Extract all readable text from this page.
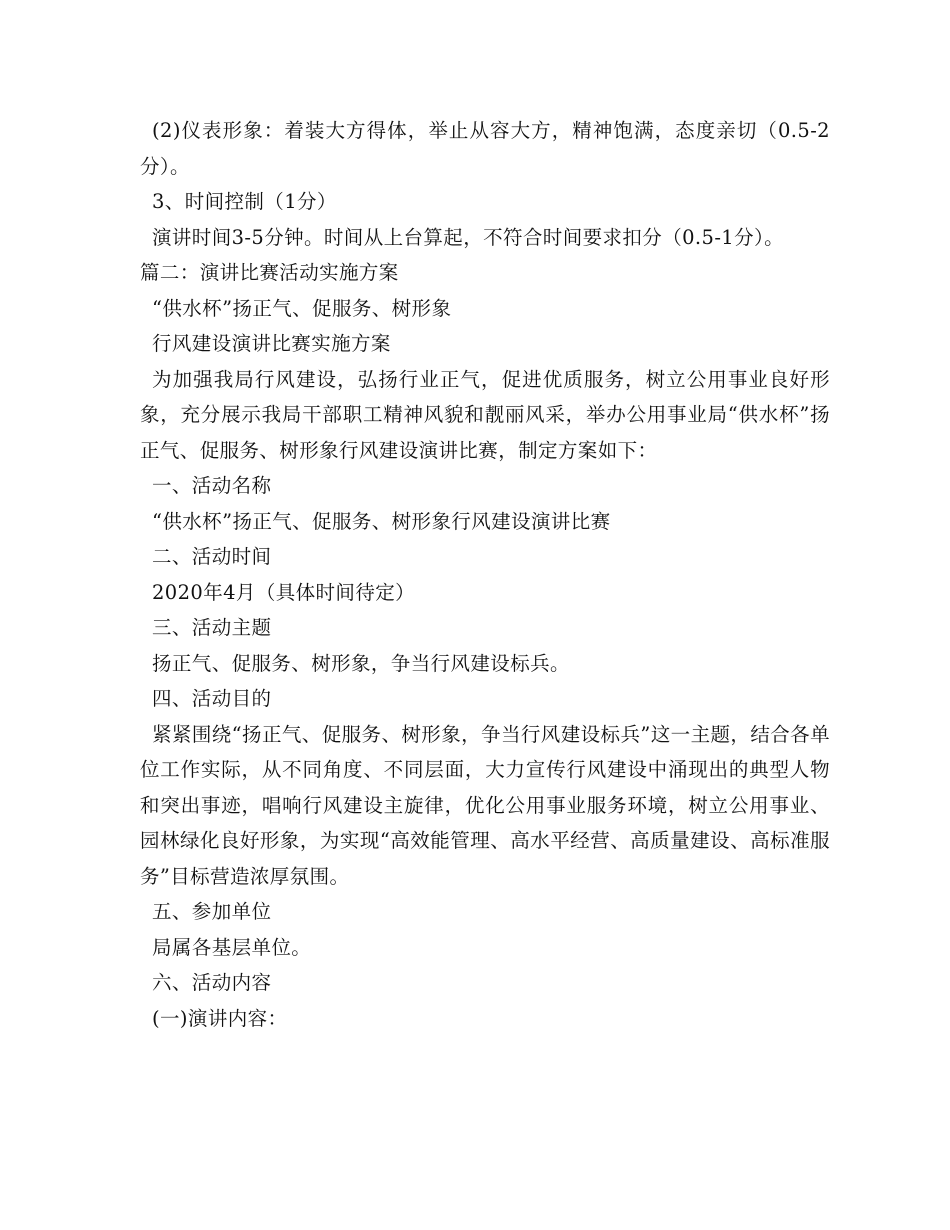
(2)仪表形象：着装大方得体，举止从容大方，精神饱满，态度亲切（0.5-2分）。
3、时间控制（1分）
演讲时间3-5分钟。时间从上台算起，不符合时间要求扣分（0.5-1分）。
篇二：演讲比赛活动实施方案
“供水杯”扬正气、促服务、树形象
行风建设演讲比赛实施方案
为加强我局行风建设，弘扬行业正气，促进优质服务，树立公用事业良好形象，充分展示我局干部职工精神风貌和靓丽风采，举办公用事业局“供水杯”扬正气、促服务、树形象行风建设演讲比赛，制定方案如下：
一、活动名称
“供水杯”扬正气、促服务、树形象行风建设演讲比赛
二、活动时间
2020年4月（具体时间待定）
三、活动主题
扬正气、促服务、树形象，争当行风建设标兵。
四、活动目的
紧紧围绕“扬正气、促服务、树形象，争当行风建设标兵”这一主题，结合各单位工作实际，从不同角度、不同层面，大力宣传行风建设中涌现出的典型人物和突出事迹，唱响行风建设主旋律，优化公用事业服务环境，树立公用事业、园林绿化良好形象，为实现“高效能管理、高水平经营、高质量建设、高标准服务”目标营造浓厚氛围。
五、参加单位
局属各基层单位。
六、活动内容
(一)演讲内容：
